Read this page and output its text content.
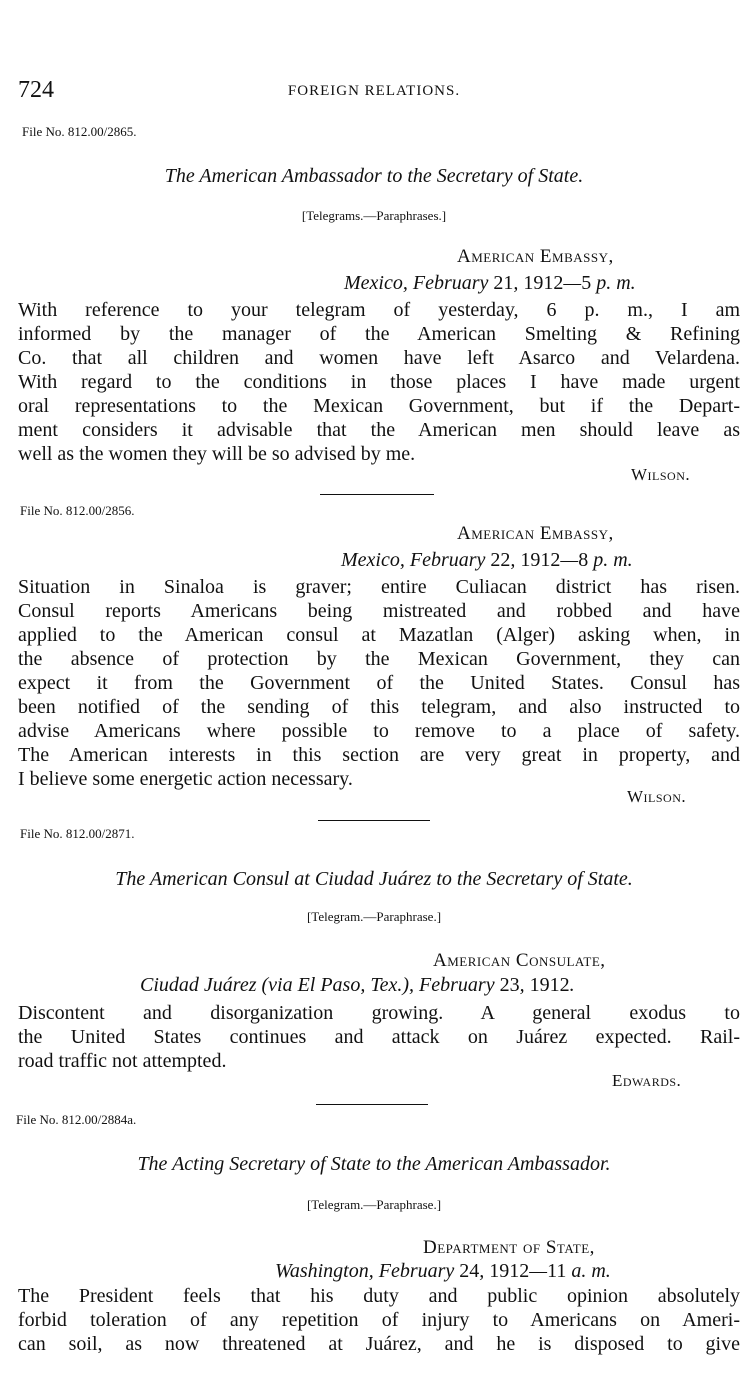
724	FOREIGN RELATIONS.
File No. 812.00/2865.
The American Ambassador to the Secretary of State.
[Telegrams.—Paraphrases.]
American Embassy,
Mexico, February 21, 1912—5 p. m.
With reference to your telegram of yesterday, 6 p. m., I am
informed by the manager of the American Smelting & Refining
Co. that all children and women have left Asarco and Velardena.
With regard to the conditions in those places I have made urgent
oral representations to the Mexican Government, but if the Depart-
ment considers it advisable that the American men should leave as
well as the women they will be so advised by me.
Wilson.
File No. 812.00/2856.
American Embassy,
Mexico, February 22, 1912—8 p. m.
Situation in Sinaloa is graver; entire Culiacan district has risen.
Consul reports Americans being mistreated and robbed and have
applied to the American consul at Mazatlan (Alger) asking when, in
the absence of protection by the Mexican Government, they can
expect it from the Government of the United States. Consul has
been notified of the sending of this telegram, and also instructed to
advise Americans where possible to remove to a place of safety.
The American interests in this section are very great in property, and
I believe some energetic action necessary.
Wilson.
File No. 812.00/2871.
The American Consul at Ciudad Juárez to the Secretary of State.
[Telegram.—Paraphrase.]
American Consulate,
Ciudad Juárez (via El Paso, Tex.), February 23, 1912.
Discontent and disorganization growing. A general exodus to
the United States continues and attack on Juárez expected. Rail-
road traffic not attempted.
Edwards.
File No. 812.00/2884a.
The Acting Secretary of State to the American Ambassador.
[Telegram.—Paraphrase.]
Department of State,
Washington, February 24, 1912—11 a. m.
The President feels that his duty and public opinion absolutely
forbid toleration of any repetition of injury to Americans on Ameri-
can soil, as now threatened at Juárez, and he is disposed to give
